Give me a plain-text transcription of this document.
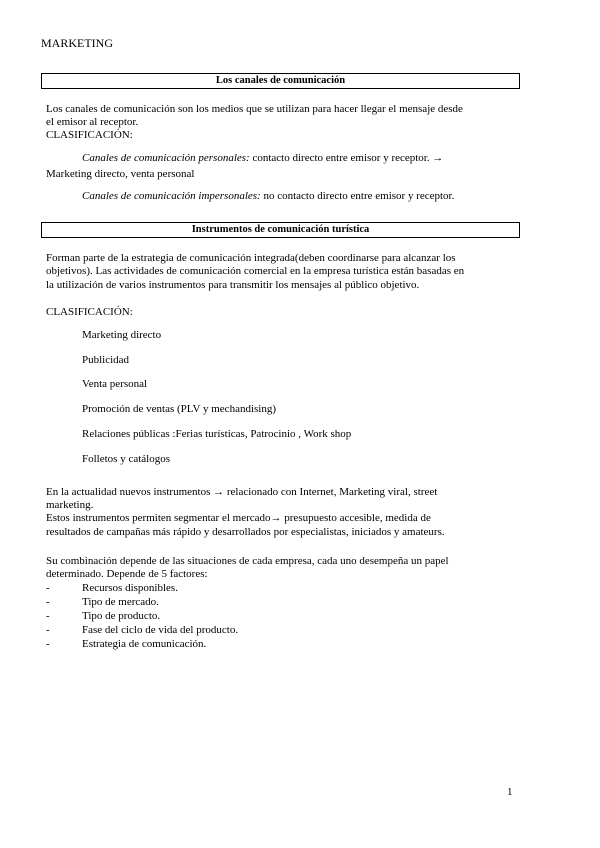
MARKETING
Los canales de comunicación
Los canales de comunicación son los medios que se utilizan para hacer llegar el mensaje desde
el emisor al receptor.
CLASIFICACIÓN:
Canales de comunicación personales: contacto directo entre emisor y receptor. →
Marketing directo, venta personal
Canales de comunicación impersonales: no contacto directo entre emisor y receptor.
Instrumentos de comunicación turística
Forman parte de la estrategia de comunicación integrada(deben coordinarse para alcanzar los
objetivos). Las actividades de comunicación comercial en la empresa turística están basadas en
la utilización de varios instrumentos para transmitir los mensajes al público objetivo.
CLASIFICACIÓN:
Marketing directo
Publicidad
Venta personal
Promoción de ventas (PLV y mechandising)
Relaciones públicas :Ferias turísticas, Patrocinio , Work shop
Folletos y catálogos
En la actualidad nuevos instrumentos → relacionado con Internet, Marketing viral, street
marketing.
Estos instrumentos permiten segmentar el mercado→ presupuesto accesible, medida de
resultados de campañas más rápido y desarrollados por especialistas, iniciados y amateurs.
Su combinación depende de las situaciones de cada empresa, cada uno desempeña un papel
determinado. Depende de 5 factores:
-	Recursos disponibles.
-	Tipo de mercado.
-	Tipo de producto.
-	Fase del ciclo de vida del producto.
-	Estrategia de comunicación.
1
